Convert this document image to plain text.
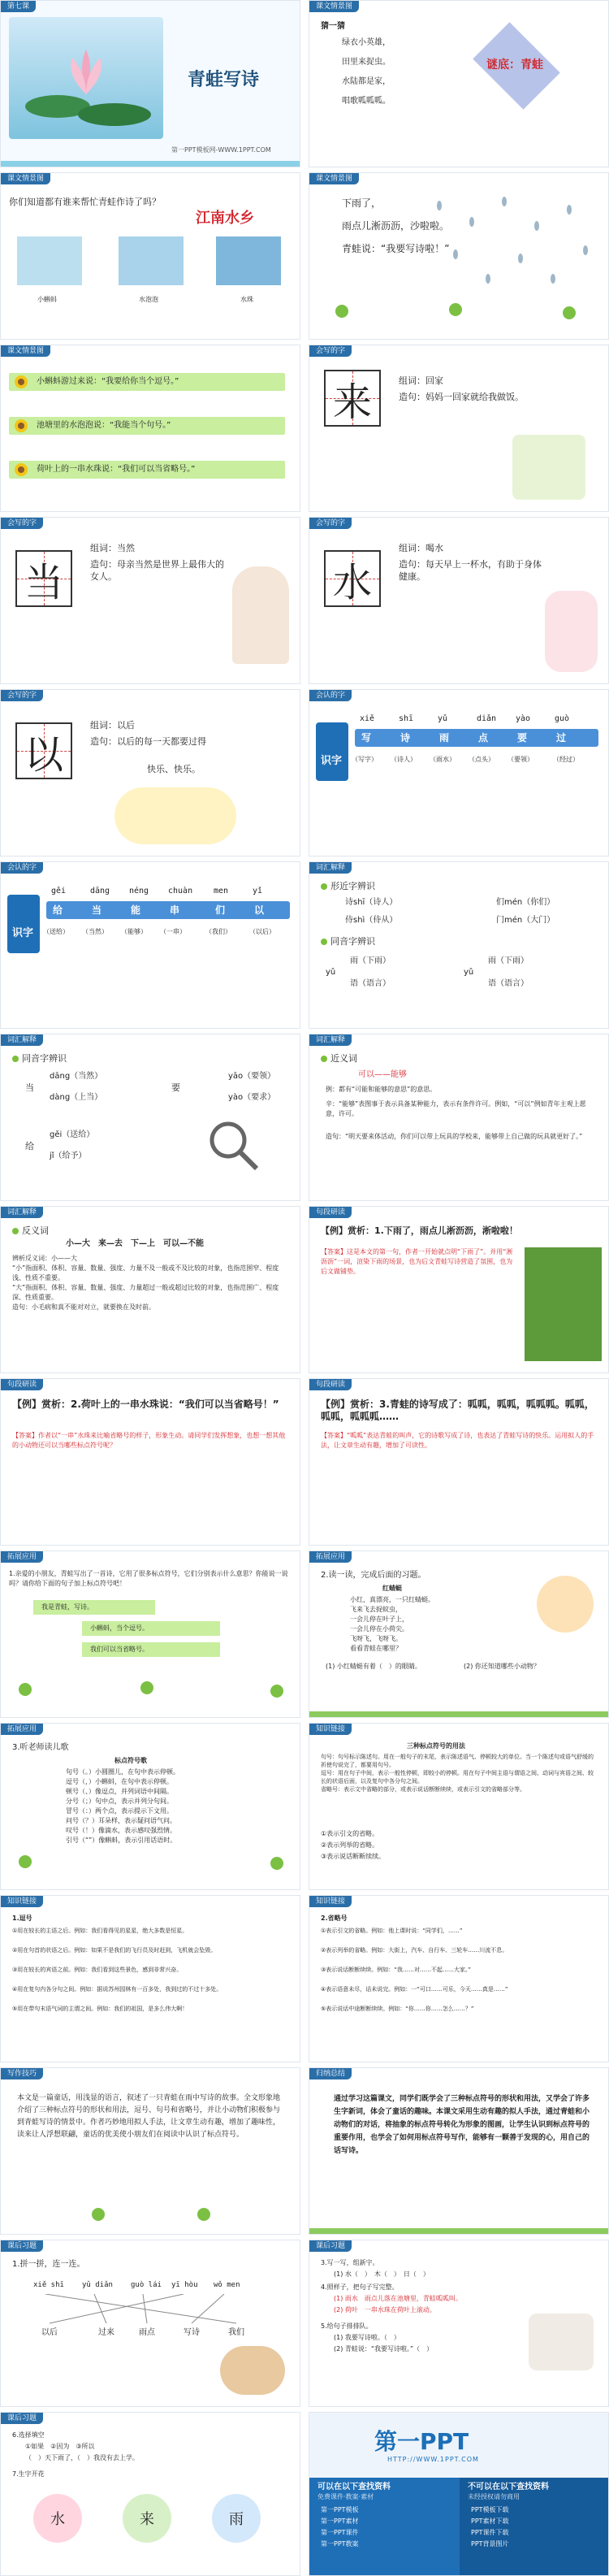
第七课
青蛙写诗
第一PPT模板网-WWW.1PPT.COM
课文情景图
猜一猜
绿衣小英雄，
田里来捉虫。
水陆都是家，
唱歌呱呱呱。
谜底：青蛙
课文情景图
你们知道都有谁来帮忙青蛙作诗了吗？
江南水乡
小蝌蚪	水泡泡	水珠
课文情景图
下雨了，
雨点儿淅沥沥，沙啦啦。
青蛙说：“我要写诗啦！”
课文情景图
小蝌蚪游过来说：“我要给你当个逗号。”
池塘里的水泡泡说：“我能当个句号。”
荷叶上的一串水珠说：“我们可以当省略号。”
会写的字
来	组词：回家
造句：妈妈一回家就给我做饭。
会写的字
当
组词：当然
造句：母亲当然是世界上最伟大的女人。
会写的字
水
组词：喝水
造句：每天早上一杯水，有助于身体健康。
会写的字
以
组词：以后
造句：以后的每一天都要过得
快乐、快乐。
会认的字
识字
xiě	shī	yǔ	diǎn yào	guò
写	诗	雨	点	要	过
（写字） （诗人） （雨水） （点头） （要领）	（经过）
会认的字
识字
gěi	dāng néng chuàn	men	yǐ
给	当	能	串	们	以
（送给） （当然） （能够） （一串）	（我们）	（以后）
词汇解释
形近字辨识
诗shī（诗人）	们mén（你们）
侍shì（侍从）	门mén（大门）
同音字辨识
yǔ	yǔ
雨（下雨）	雨（下雨）
语（语言）	语（语言）
词汇解释
同音字辨识
当
dāng（当然）
dàng（上当）
要
yāo（要领）
yào（要求）
给
gěi（送给）
jǐ（给予）
词汇解释
近义词
可以——能够
例：都有“可能和能够的意思”的意思。
辛：“能够”表图事于表示具备某种能力，表示有条件许可。例如，“可以”例如青年主观上愿意，许可。
造句：“明天要来体活动，你们可以带上玩具的学校来，能够带上自己做的玩具就更好了。”
词汇解释
反义词
小—大　来—去　下—上　可以—不能
辨析反义词：小——大
“小”指面积、体积、容量、数量、强度、力量不及一般或不及比较的对象，也指范围窄、程度浅、性质不重要。
“大”指面积、体积、容量、数量、强度、力量超过一般或超过比较的对象，也指范围广、程度深、性质重要。
造句：小毛病和真不能对对立，就要换在及时前。
句段研读
【例】赏析：1.下雨了，雨点儿淅沥沥，淅啦啦！
【答案】这是本文的第一句，作者一开始就点明“下雨了”。并用“淅沥沥”一词，渲染下雨的场景，也为后文青蛙写诗营造了氛围，也为后文做铺垫。
句段研读
【例】赏析：2.荷叶上的一串水珠说：“我们可以当省略号！”
【答案】作者以“一串”水珠来比喻省略号的样子，形象生动。请同学们发挥想象，也想一想其他的小动物还可以当哪些标点符号呢？
句段研读
【例】赏析：3.青蛙的诗写成了：呱呱，呱呱，呱呱呱。呱呱，呱呱，呱呱呱……
【答案】“呱呱”表达青蛙的叫声，它的诗歌写成了诗，也表达了青蛙写诗的快乐。运用拟人的手法，让文章生动有趣，增加了可读性。
拓展应用
1.亲爱的小朋友，青蛙写出了一首诗，它用了很多标点符号，它们分别表示什么意思？你能说一说吗？请你给下面的句子加上标点符号吧！
我是青蛙，写诗。
小蝌蚪，当个逗号。
我们可以当省略号。
拓展应用
2.读一读，完成后面的习题。
红蜻蜓
小红，真漂亮，一只红蜻蜓。
飞来飞去捉蚊虫，
一会儿停在叶子上，
一会儿停在小荷尖。
飞呀飞，飞呀飞。
看看青蛙在哪里？
(1) 小红蜻蜓有着（　）的眼睛。	(2) 你还知道哪些小动物？
拓展应用
3.听老师读儿歌
标点符号歌
句号（。）小圆圈儿，在句中表示停顿。
逗号（，）小蝌蚪，在句中表示停顿。
顿号（、）像逗点，并列词语中间隔。
分号（；）句中点，表示并列分句间。
冒号（：）两个点，表示提示下文用。
问号（？）耳朵样，表示疑问语气问。
叹号（！）像滴水，表示感叹强烈情。
引号（“”）像蝌蚪，表示引用话语时。
知识链接
三种标点符号的用法
句号：句号标示陈述句。用在一般句子的末尾，表示陈述语气、停顿较大的单位。当一个陈述句或语气舒缓的祈使句说完了，都要用句号。
逗号：用在句子中间，表示一般性停顿，即较小的停顿。用在句子中间主语与谓语之间、动词与宾语之间、较长的状语后面，以及复句中各分句之间。
省略号：表示文中省略的部分，或表示说话断断续续，或表示引文的省略部分等。
①表示引文的省略。
②表示列举的省略。
③表示说话断断续续。
知识链接
1.逗号
①用在较长的主语之后。例如：我们看得见的星星，绝大多数是恒星。
②用在句首的状语之后。例如：如果不是我们的飞行员及时赶到，飞机就会坠毁。
③用在较长的宾语之前。例如：我们看到这些景色，感到非常兴奋。
④用在复句内各分句之间。例如：据说苏州园林有一百多处，我到过的不过十多处。
⑤用在带句末语气词的主谓之间。例如：我们的祖国，是多么伟大啊！
知识链接
2.省略号
①表示引文的省略。例如：他上课时说：“同学们，……”
②表示列举的省略。例如：大街上，汽车、自行车、三轮车……川流不息。
③表示说话断断续续。例如：“我……对……不起……大家。”
④表示语意未尽，话未说完。例如：一“可口……可乐，今天……真是……”
⑤表示说话中途断断续续。例如：“你……你……怎么……？”
写作技巧
本文是一篇童话，用浅显的语言，叙述了一只青蛙在雨中写诗的故事。全文形象地介绍了三种标点符号的形状和用法，逗号、句号和省略号，并让小动物们积极参与到青蛙写诗的情景中。作者巧妙地用拟人手法，让文章生动有趣，增加了趣味性，读来让人浮想联翩，童话的优美使小朋友们在阅读中认识了标点符号。
归纳总结
通过学习这篇课文，同学们既学会了三种标点符号的形状和用法，又学会了许多生字新词，体会了童话的趣味。本课文采用生动有趣的拟人手法，通过青蛙和小动物们的对话，将抽象的标点符号转化为形象的图画，让学生认识到标点符号的重要作用，也学会了如何用标点符号写作，能够有一颗善于发现的心，用自己的话写诗。
课后习题
1.拼一拼，连一连。
xiě shī yǔ diǎn guò lái yī hòu wǒ men
以后	过来	雨点	写诗	我们
课后习题
3.写一写，组新字。
(1) 水（　）　木（　）　日（　）
4.照样子，把句子写完整。
(1) 雨水　雨点儿落在池塘里，青蛙呱呱叫。
(2) 荷叶　一串水珠在荷叶上滚动。
5.给句子排排队。
(1) 我要写诗啦。（　）
(2) 青蛙说：“我要写诗啦。”（　）
课后习题
6.选择填空
①如果　②因为　③所以
（　）天下雨了，（　）我没有去上学。
7.生字开花
水	来	雨
第一PPT
HTTP://WWW.1PPT.COM
可以在以下查找资料
免费课件·教案·素材
第一PPT模板
第一PPT素材
第一PPT课件
第一PPT教案
不可以在以下查找资料
未经授权请勿商用
PPT模板下载
PPT素材下载
PPT课件下载
PPT背景图片
